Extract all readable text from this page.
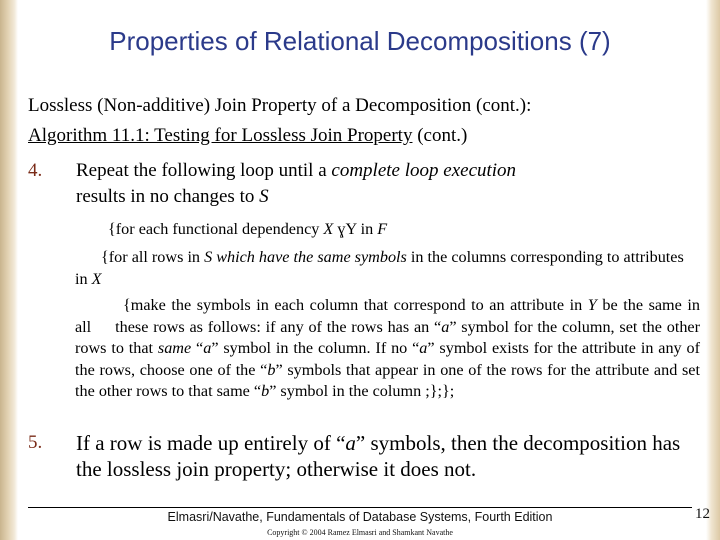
Properties of Relational Decompositions (7)
Lossless (Non-additive) Join Property of a Decomposition (cont.):
Algorithm 11.1: Testing for Lossless Join Property (cont.)
4. Repeat the following loop until a complete loop execution
results in no changes to S
{for each functional dependency X ɣY in F
{for all rows in S which have the same symbols in the columns corresponding to attributes in X
{make the symbols in each column that correspond to an attribute in Y be the same in all     these rows as follows: if any of the rows has an “a” symbol for the column, set the other rows to that same “a” symbol in the column. If no “a” symbol exists for the attribute in any of the rows, choose one of the “b” symbols that appear in one of the rows for the attribute and set the other rows to that same “b” symbol in the column ;};};
5. If a row is made up entirely of “a” symbols, then the decomposition has the lossless join property; otherwise it does not.
Elmasri/Navathe, Fundamentals of Database Systems, Fourth Edition
Copyright © 2004 Ramez Elmasri and Shamkant Navathe
12
